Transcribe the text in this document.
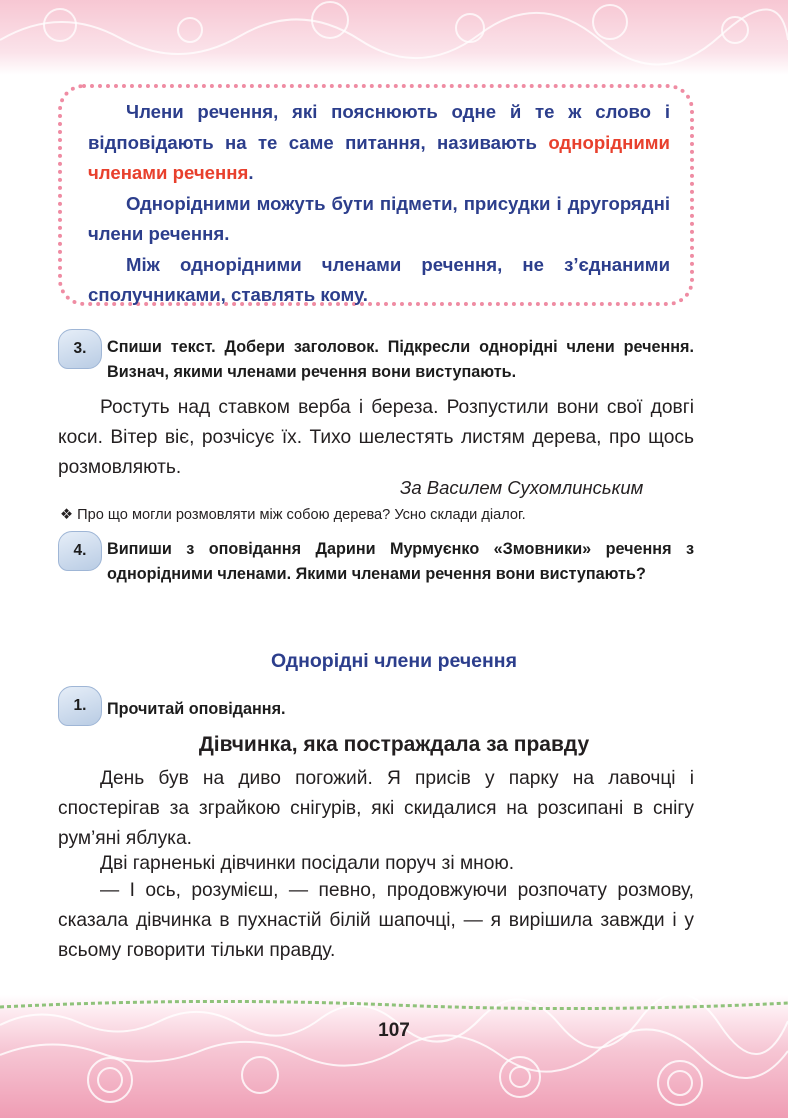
Члени речення, які пояснюють одне й те ж слово і відповідають на те саме питання, називають однорідними членами речення.

Однорідними можуть бути підмети, присудки і другорядні члени речення.

Між однорідними членами речення, не з’єднаними сполучниками, ставлять кому.

3.	Спиши текст. Добери заголовок. Підкресли однорідні члени речення. Визнач, якими членами речення вони виступають.

Ростуть над ставком верба і береза. Розпустили вони свої довгі коси. Вітер віє, розчісує їх. Тихо шелестять листям дерева, про щось розмовляють.

За Василем Сухомлинським

❖ Про що могли розмовляти між собою дерева? Усно склади діалог.

4.	Випиши з оповідання Дарини Мурмуєнко «Змовники» речення з однорідними членами. Якими членами речення вони виступають?

Однорідні члени речення
1.	Прочитай оповідання.

Дівчинка, яка постраждала за правду

День був на диво погожий. Я присів у парку на лавочці і спостерігав за зграйкою снігурів, які скидалися на розсипані в снігу рум’яні яблука.

Дві гарненькі дівчинки посідали поруч зі мною.

— І ось, розумієш, — певно, продовжуючи розпочату розмову, сказала дівчинка в пухнастій білій шапочці, — я вирішила завжди і у всьому говорити тільки правду.

107
